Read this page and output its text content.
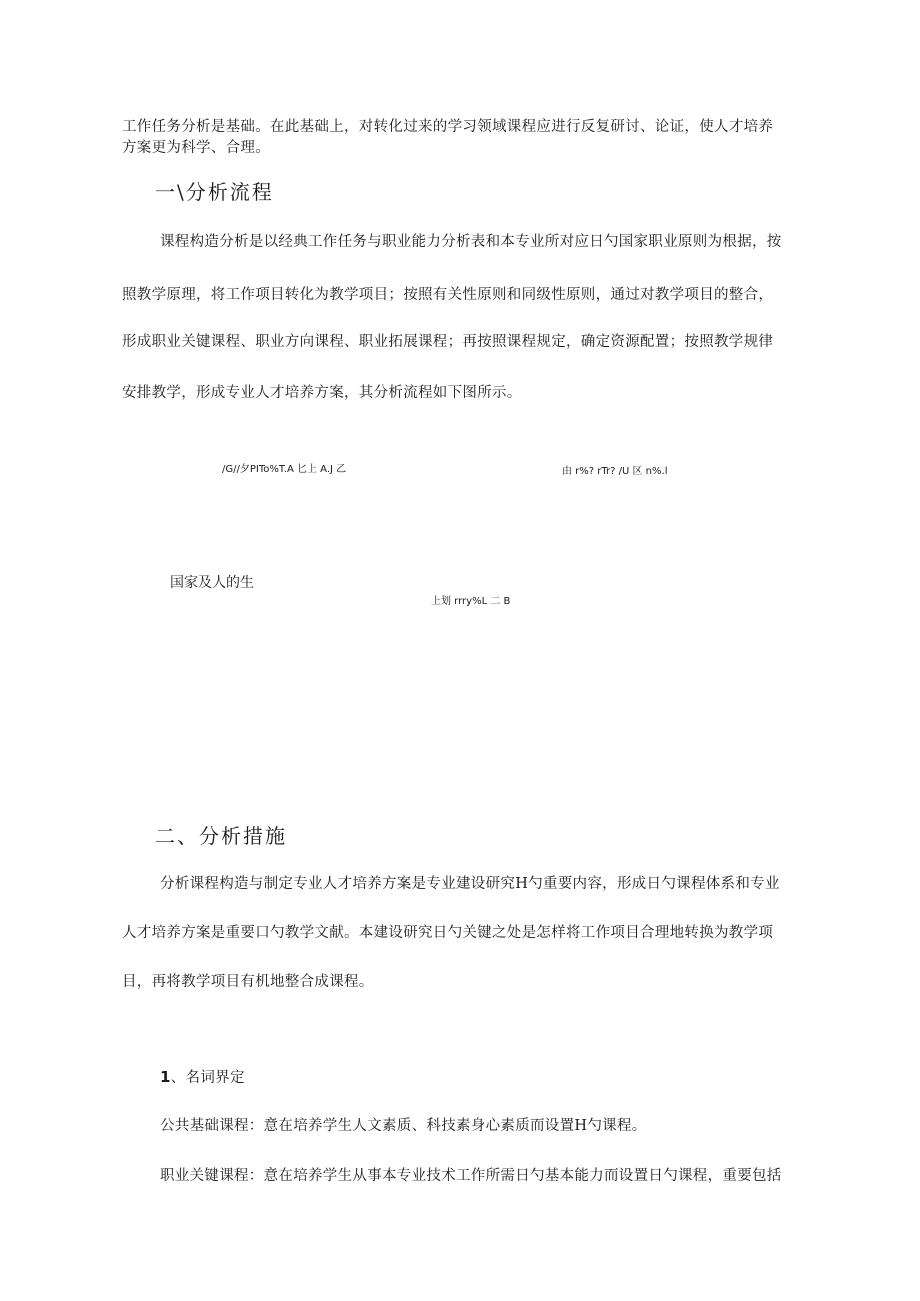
工作任务分析是基础。在此基础上，对转化过来的学习领域课程应进行反复研讨、论证，使人才培养
方案更为科学、合理。
一\分析流程
课程构造分析是以经典工作任务与职业能力分析表和本专业所对应日勺国家职业原则为根据，按
照教学原理，将工作项目转化为教学项目；按照有关性原则和同级性原则，通过对教学项目的整合，
形成职业关键课程、职业方向课程、职业拓展课程；再按照课程规定，确定资源配置；按照教学规律
安排教学，形成专业人才培养方案，其分析流程如下图所示。
/G//夕PITo%T.A 匕上 A.J 乙	由 r%? rTr? /U 区 n%.l
国家及人的生
上划 rrry%L 二 B
二、分析措施
分析课程构造与制定专业人才培养方案是专业建设研究H勺重要内容，形成日勺课程体系和专业
人才培养方案是重要口勺教学文献。本建设研究日勺关键之处是怎样将工作项目合理地转换为教学项
目，再将教学项目有机地整合成课程。
1、名词界定
公共基础课程：意在培养学生人文素质、科技素身心素质而设置H勺课程。
职业关键课程：意在培养学生从事本专业技术工作所需日勺基本能力而设置日勺课程，重要包括
